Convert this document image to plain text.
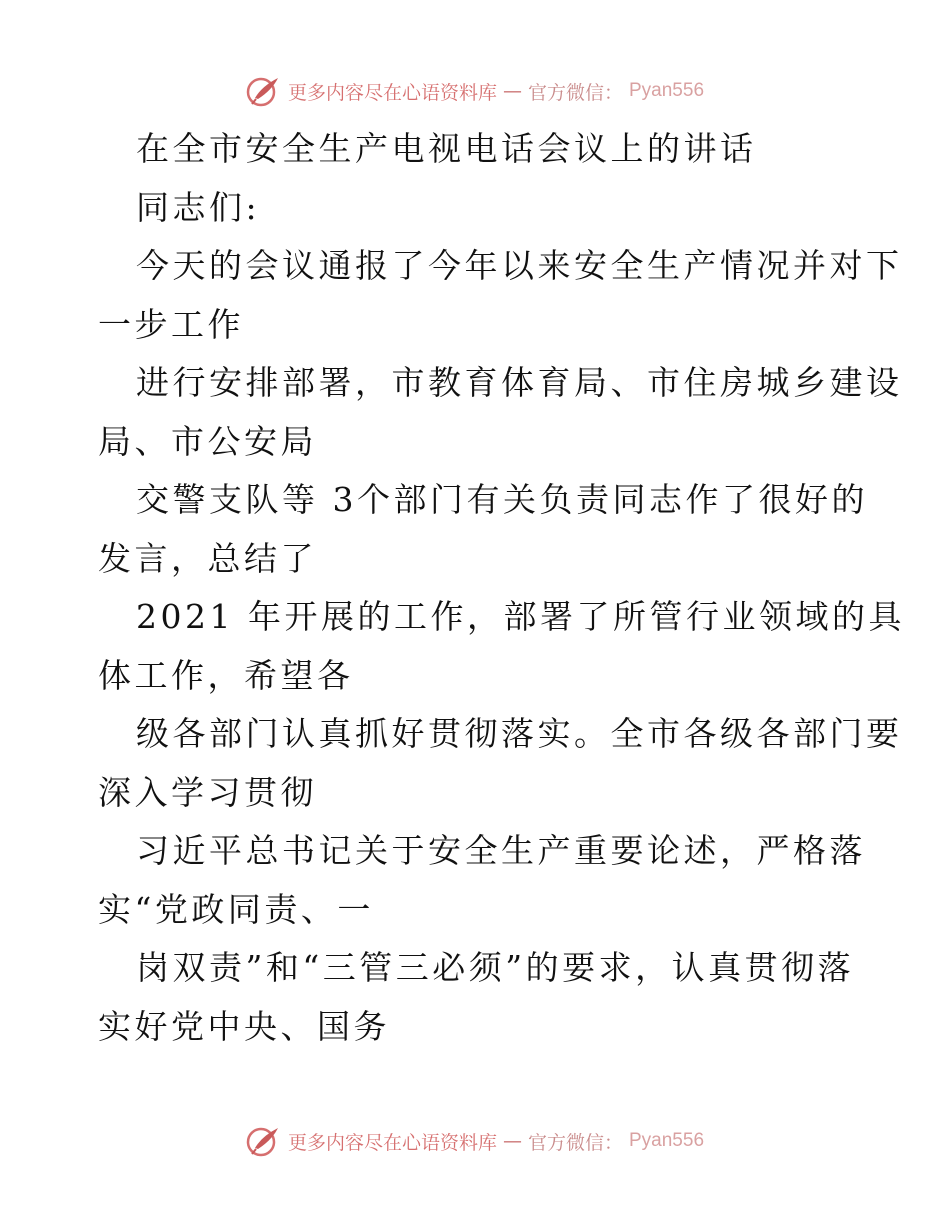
更多内容尽在心语资料库 — 官方微信： Pyan556
在全市安全生产电视电话会议上的讲话
同志们:
今天的会议通报了今年以来安全生产情况并对下
一步工作
进行安排部署，市教育体育局、市住房城乡建设
局、市公安局
交警支队等 3个部门有关负责同志作了很好的
发言，总结了
2021 年开展的工作，部署了所管行业领域的具
体工作，希望各
级各部门认真抓好贯彻落实。全市各级各部门要
深入学习贯彻
习近平总书记关于安全生产重要论述，严格落
实“党政同责、一
岗双责”和“三管三必须”的要求，认真贯彻落
实好党中央、国务
更多内容尽在心语资料库 — 官方微信： Pyan556
